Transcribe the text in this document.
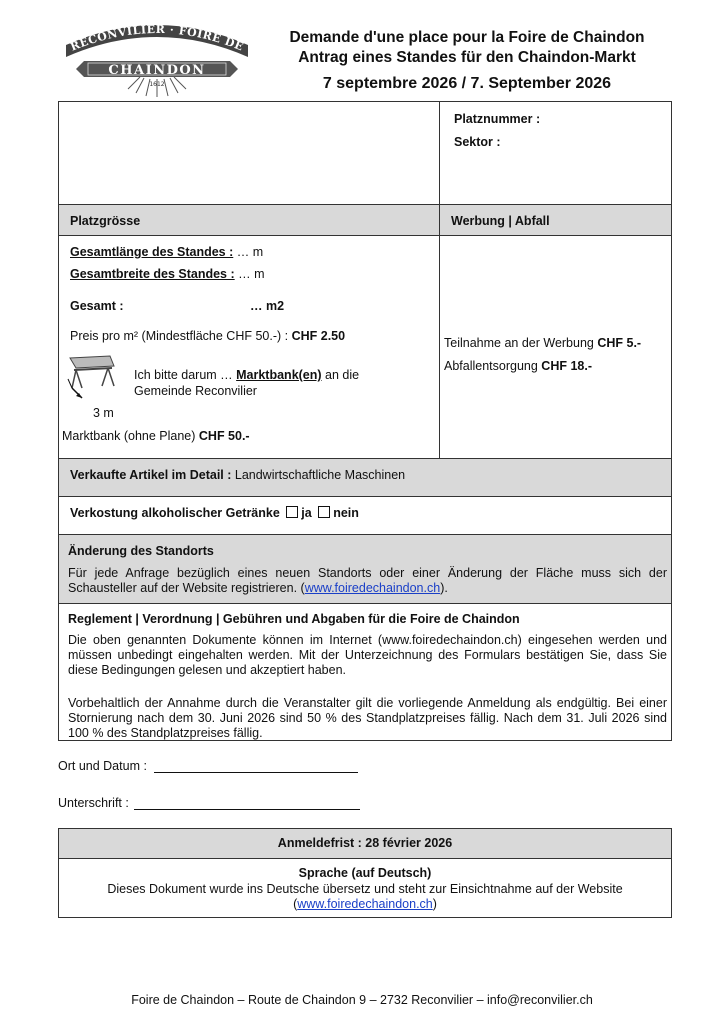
RECONVILIER · FOIRE DE
CHAINDON
1612
Demande d'une place pour la Foire de Chaindon
Antrag eines Standes für den Chaindon-Markt
7 septembre 2026 / 7. September 2026
Platznummer :
Sektor :
Platzgrösse	Werbung | Abfall
Gesamtlänge des Standes : … m
Gesamtbreite des Standes : … m
Gesamt :	… m2
Preis pro m² (Mindestfläche CHF 50.-) : CHF 2.50
Ich bitte darum … Marktbank(en) an die
Gemeinde Reconvilier
3 m
Marktbank (ohne Plane) CHF 50.-
Teilnahme an der Werbung CHF 5.-
Abfallentsorgung CHF 18.-
Verkaufte Artikel im Detail : Landwirtschaftliche Maschinen
Verkostung alkoholischer Getränke ja nein
Änderung des Standorts
Für jede Anfrage bezüglich eines neuen Standorts oder einer Änderung der Fläche muss sich der Schausteller auf der Website registrieren. (www.foiredechaindon.ch).
Reglement | Verordnung | Gebühren und Abgaben für die Foire de Chaindon
Die oben genannten Dokumente können im Internet (www.foiredechaindon.ch) eingesehen werden und müssen unbedingt eingehalten werden. Mit der Unterzeichnung des Formulars bestätigen Sie, dass Sie diese Bedingungen gelesen und akzeptiert haben.
Vorbehaltlich der Annahme durch die Veranstalter gilt die vorliegende Anmeldung als endgültig. Bei einer Stornierung nach dem 30. Juni 2026 sind 50 % des Standplatzpreises fällig. Nach dem 31. Juli 2026 sind 100 % des Standplatzpreises fällig.
Ort und Datum :
Unterschrift :
Anmeldefrist : 28 février 2026
Sprache (auf Deutsch)
Dieses Dokument wurde ins Deutsche übersetz und steht zur Einsichtnahme auf der Website
(www.foiredechaindon.ch)
Foire de Chaindon – Route de Chaindon 9 – 2732 Reconvilier – info@reconvilier.ch
